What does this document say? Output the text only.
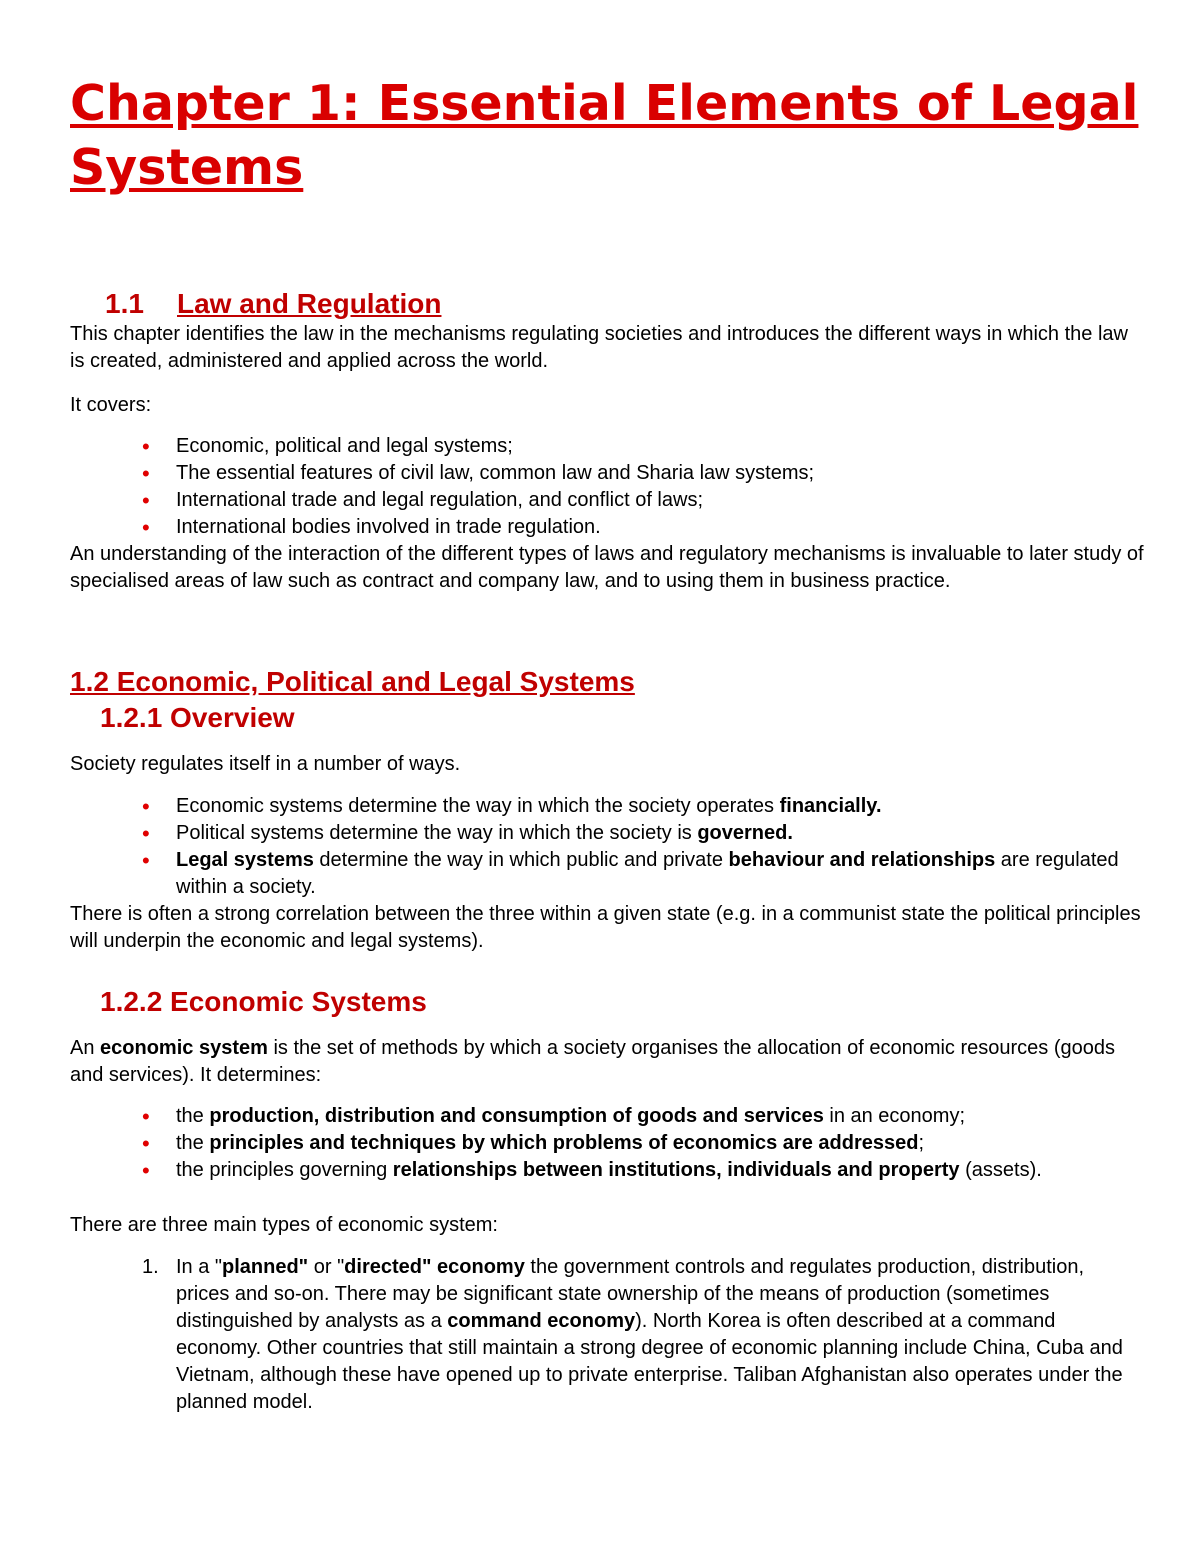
Chapter 1: Essential Elements of Legal Systems
1.1 Law and Regulation

This chapter identifies the law in the mechanisms regulating societies and introduces the different ways in which the law is created, administered and applied across the world.

It covers:

• Economic, political and legal systems;
• The essential features of civil law, common law and Sharia law systems;
• International trade and legal regulation, and conflict of laws;
• International bodies involved in trade regulation.

An understanding of the interaction of the different types of laws and regulatory mechanisms is invaluable to later study of specialised areas of law such as contract and company law, and to using them in business practice.

1.2 Economic, Political and Legal Systems
1.2.1 Overview

Society regulates itself in a number of ways.

• Economic systems determine the way in which the society operates financially.
• Political systems determine the way in which the society is governed.
• Legal systems determine the way in which public and private behaviour and relationships are regulated within a society.

There is often a strong correlation between the three within a given state (e.g. in a communist state the political principles will underpin the economic and legal systems).

1.2.2 Economic Systems

An economic system is the set of methods by which a society organises the allocation of economic resources (goods and services). It determines:

• the production, distribution and consumption of goods and services in an economy;
• the principles and techniques by which problems of economics are addressed;
• the principles governing relationships between institutions, individuals and property (assets).

There are three main types of economic system:

1. In a "planned" or "directed" economy the government controls and regulates production, distribution, prices and so-on. There may be significant state ownership of the means of production (sometimes distinguished by analysts as a command economy). North Korea is often described at a command economy. Other countries that still maintain a strong degree of economic planning include China, Cuba and Vietnam, although these have opened up to private enterprise. Taliban Afghanistan also operates under the planned model.
